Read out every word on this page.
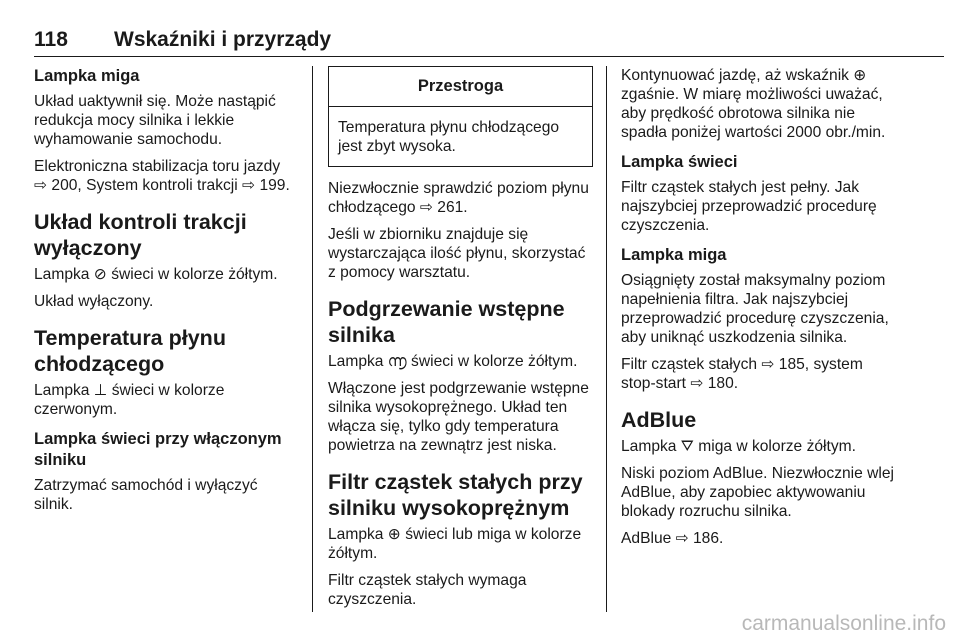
118 Wskaźniki i przyrządy
Lampka miga

Układ uaktywnił się. Może nastąpić redukcja mocy silnika i lekkie wyhamowanie samochodu.

Elektroniczna stabilizacja toru jazdy ⇨ 200, System kontroli trakcji ⇨ 199.

Układ kontroli trakcji wyłączony

Lampka ⊘ świeci w kolorze żółtym.

Układ wyłączony.

Temperatura płynu chłodzącego

Lampka ⊥ świeci w kolorze czerwonym.

Lampka świeci przy włączonym silniku

Zatrzymać samochód i wyłączyć silnik.

Przestroga

Temperatura płynu chłodzącego jest zbyt wysoka.

Niezwłocznie sprawdzić poziom płynu chłodzącego ⇨ 261.

Jeśli w zbiorniku znajduje się wystarczająca ilość płynu, skorzystać z pomocy warsztatu.

Podgrzewanie wstępne silnika

Lampka ൬ świeci w kolorze żółtym.

Włączone jest podgrzewanie wstępne silnika wysokoprężnego. Układ ten włącza się, tylko gdy temperatura powietrza na zewnątrz jest niska.

Filtr cząstek stałych przy silniku wysokoprężnym

Lampka ⊕ świeci lub miga w kolorze żółtym.

Filtr cząstek stałych wymaga czyszczenia.

Kontynuować jazdę, aż wskaźnik ⊕ zgaśnie. W miarę możliwości uważać, aby prędkość obrotowa silnika nie spadła poniżej wartości 2000 obr./min.

Lampka świeci

Filtr cząstek stałych jest pełny. Jak najszybciej przeprowadzić procedurę czyszczenia.

Lampka miga

Osiągnięty został maksymalny poziom napełnienia filtra. Jak najszybciej przeprowadzić procedurę czyszczenia, aby uniknąć uszkodzenia silnika.

Filtr cząstek stałych ⇨ 185, system stop-start ⇨ 180.

AdBlue

Lampka ⛛ miga w kolorze żółtym.

Niski poziom AdBlue. Niezwłocznie wlej AdBlue, aby zapobiec aktywowaniu blokady rozruchu silnika.

AdBlue ⇨ 186.

carmanualsonline.info
